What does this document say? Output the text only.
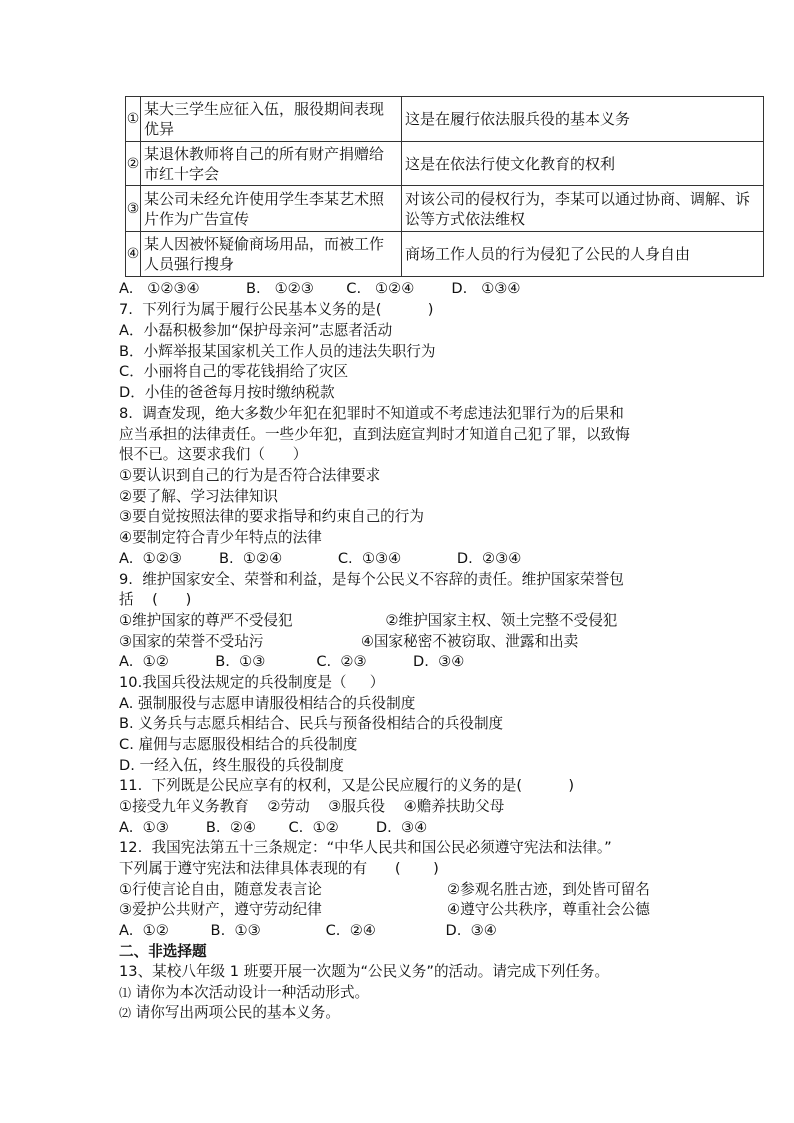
①	某大三学生应征入伍，服役期间表现优异	这是在履行依法服兵役的基本义务
②	某退休教师将自己的所有财产捐赠给市红十字会	这是在依法行使文化教育的权利
③	某公司未经允许使用学生李某艺术照片作为广告宣传	对该公司的侵权行为，李某可以通过协商、调解、诉讼等方式依法维权
④	某人因被怀疑偷商场用品，而被工作人员强行搜身	商场工作人员的行为侵犯了公民的人身自由
A.   ①②③④          B.   ①②③       C.   ①②④        D.   ①③④
7.  下列行为属于履行公民基本义务的是(          )
A．小磊积极参加“保护母亲河”志愿者活动
B．小辉举报某国家机关工作人员的违法失职行为
C．小丽将自己的零花钱捐给了灾区
D．小佳的爸爸每月按时缴纳税款
8.  调查发现，绝大多数少年犯在犯罪时不知道或不考虑违法犯罪行为的后果和
应当承担的法律责任。一些少年犯，直到法庭宣判时才知道自己犯了罪，以致悔
恨不已。这要求我们（      ）
①要认识到自己的行为是否符合法律要求
②要了解、学习法律知识
③要自觉按照法律的要求指导和约束自己的行为
④要制定符合青少年特点的法律
A.  ①②③        B.  ①②④            C.  ①③④            D.  ②③④
9.  维护国家安全、荣誉和利益，是每个公民义不容辞的责任。维护国家荣誉包
括    (      )
①维护国家的尊严不受侵犯                    ②维护国家主权、领土完整不受侵犯
③国家的荣誉不受玷污                     ④国家秘密不被窃取、泄露和出卖
A.  ①②          B.  ①③           C.  ②③          D.  ③④
10.我国兵役法规定的兵役制度是（     ）
A. 强制服役与志愿申请服役相结合的兵役制度
B. 义务兵与志愿兵相结合、民兵与预备役相结合的兵役制度
C. 雇佣与志愿服役相结合的兵役制度
D. 一经入伍，终生服役的兵役制度
11.  下列既是公民应享有的权利，又是公民应履行的义务的是(          )
①接受九年义务教育    ②劳动    ③服兵役    ④赡养扶助父母
A.  ①③        B.  ②④       C.  ①②        D.  ③④
12.  我国宪法第五十三条规定：“中华人民共和国公民必须遵守宪法和法律。”
下列属于遵守宪法和法律具体表现的有      (       )
①行使言论自由，随意发表言论                           ②参观名胜古迹，到处皆可留名
③爱护公共财产，遵守劳动纪律                           ④遵守公共秩序，尊重社会公德
A.  ①②         B.  ①③              C.  ②④               D.  ③④
二、非选择题
13、某校八年级 1 班要开展一次题为“公民义务”的活动。请完成下列任务。
⑴ 请你为本次活动设计一种活动形式。
⑵ 请你写出两项公民的基本义务。
